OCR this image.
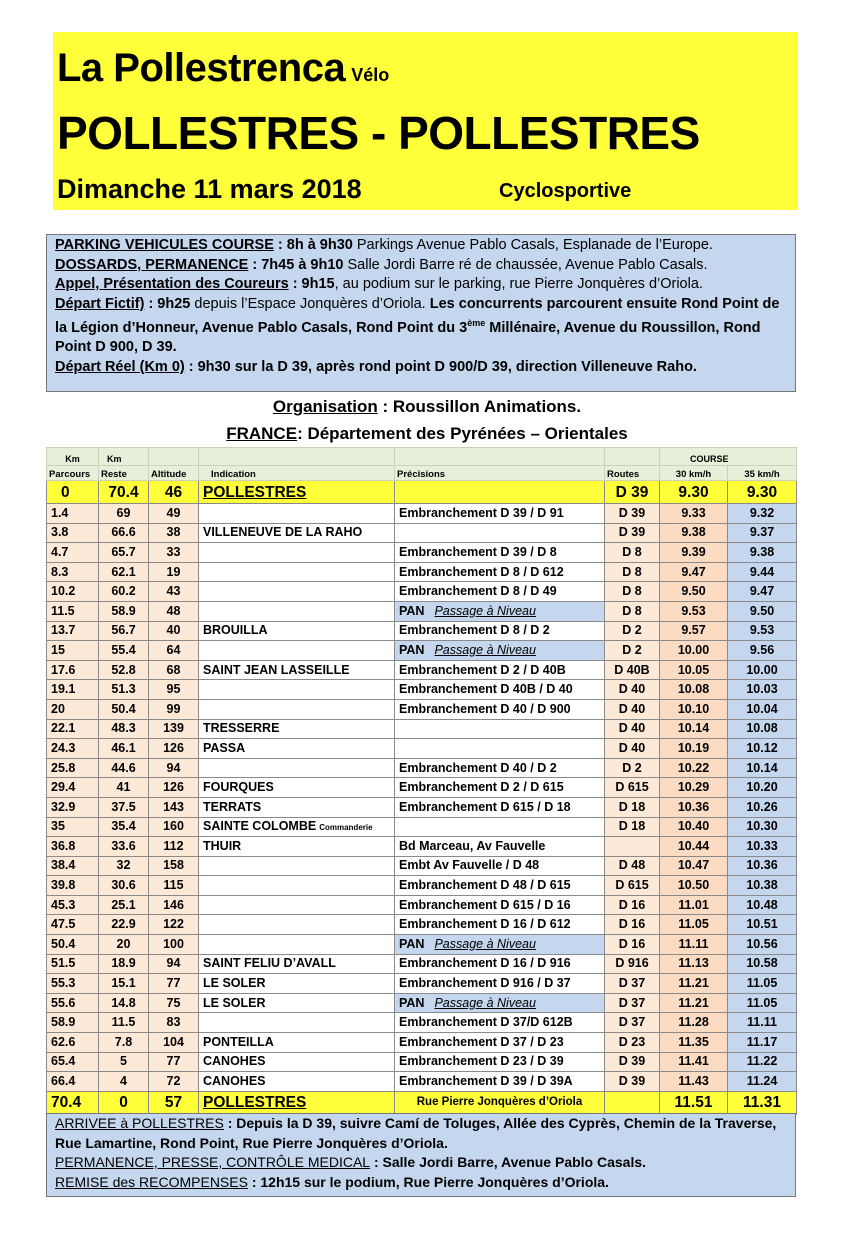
La Pollestrenca Vélo
POLLESTRES - POLLESTRES
Dimanche 11 mars 2018	Cyclosportive

PARKING VEHICULES COURSE : 8h à 9h30 Parkings Avenue Pablo Casals, Esplanade de l’Europe.

DOSSARDS, PERMANENCE : 7h45 à 9h10 Salle Jordi Barre ré de chaussée, Avenue Pablo Casals.

Appel, Présentation des Coureurs : 9h15, au podium sur le parking, rue Pierre Jonquères d’Oriola.

Départ Fictif) : 9h25 depuis l’Espace Jonquères d’Oriola. Les concurrents parcourent ensuite Rond Point de la Légion d’Honneur, Avenue Pablo Casals, Rond Point du 3ème Millénaire, Avenue du Roussillon, Rond Point D 900, D 39.

Départ Réel (Km 0) : 9h30 sur la D 39, après rond point D 900/D 39, direction Villeneuve Raho.

Organisation : Roussillon Animations.
FRANCE: Département des Pyrénées – Orientales
Km	Km					COURSE	
Parcours	Reste	Altitude	Indication	Précisions	Routes	30 km/h	35 km/h
0	70.4	46	POLLESTRES		D 39	9.30	9.30
1.4	69	49		Embranchement D 39 / D 91	D 39	9.33	9.32
3.8	66.6	38	VILLENEUVE DE LA RAHO		D 39	9.38	9.37
4.7	65.7	33		Embranchement D 39 / D 8	D 8	9.39	9.38
8.3	62.1	19		Embranchement D 8 / D 612	D 8	9.47	9.44
10.2	60.2	43		Embranchement D 8 / D 49	D 8	9.50	9.47
11.5	58.9	48		PAN Passage à Niveau	D 8	9.53	9.50
13.7	56.7	40	BROUILLA	Embranchement D 8 / D 2	D 2	9.57	9.53
15	55.4	64		PAN Passage à Niveau	D 2	10.00	9.56
17.6	52.8	68	SAINT JEAN LASSEILLE	Embranchement D 2 / D 40B	D 40B	10.05	10.00
19.1	51.3	95		Embranchement D 40B / D 40	D 40	10.08	10.03
20	50.4	99		Embranchement D 40 / D 900	D 40	10.10	10.04
22.1	48.3	139	TRESSERRE		D 40	10.14	10.08
24.3	46.1	126	PASSA		D 40	10.19	10.12
25.8	44.6	94		Embranchement D 40 / D 2	D 2	10.22	10.14
29.4	41	126	FOURQUES	Embranchement D 2 / D 615	D 615	10.29	10.20
32.9	37.5	143	TERRATS	Embranchement D 615 / D 18	D 18	10.36	10.26
35	35.4	160	SAINTE COLOMBE Commanderie		D 18	10.40	10.30
36.8	33.6	112	THUIR	Bd Marceau, Av Fauvelle		10.44	10.33
38.4	32	158		Embt Av Fauvelle / D 48	D 48	10.47	10.36
39.8	30.6	115		Embranchement D 48 / D 615	D 615	10.50	10.38
45.3	25.1	146		Embranchement D 615 / D 16	D 16	11.01	10.48
47.5	22.9	122		Embranchement D 16 / D 612	D 16	11.05	10.51
50.4	20	100		PAN Passage à Niveau	D 16	11.11	10.56
51.5	18.9	94	SAINT FELIU D’AVALL	Embranchement D 16 / D 916	D 916	11.13	10.58
55.3	15.1	77	LE SOLER	Embranchement D 916 / D 37	D 37	11.21	11.05
55.6	14.8	75	LE SOLER	PAN Passage à Niveau	D 37	11.21	11.05
58.9	11.5	83		Embranchement D 37/D 612B	D 37	11.28	11.11
62.6	7.8	104	PONTEILLA	Embranchement D 37 / D 23	D 23	11.35	11.17
65.4	5	77	CANOHES	Embranchement D 23 / D 39	D 39	11.41	11.22
66.4	4	72	CANOHES	Embranchement D 39 / D 39A	D 39	11.43	11.24
70.4	0	57	POLLESTRES	Rue Pierre Jonquères d’Oriola		11.51	11.31

ARRIVEE à POLLESTRES : Depuis la D 39, suivre Camí de Toluges, Allée des Cyprès, Chemin de la Traverse, Rue Lamartine, Rond Point, Rue Pierre Jonquères d’Oriola.

PERMANENCE, PRESSE, CONTRÔLE MEDICAL : Salle Jordi Barre, Avenue Pablo Casals.

REMISE des RECOMPENSES : 12h15 sur le podium, Rue Pierre Jonquères d’Oriola.
